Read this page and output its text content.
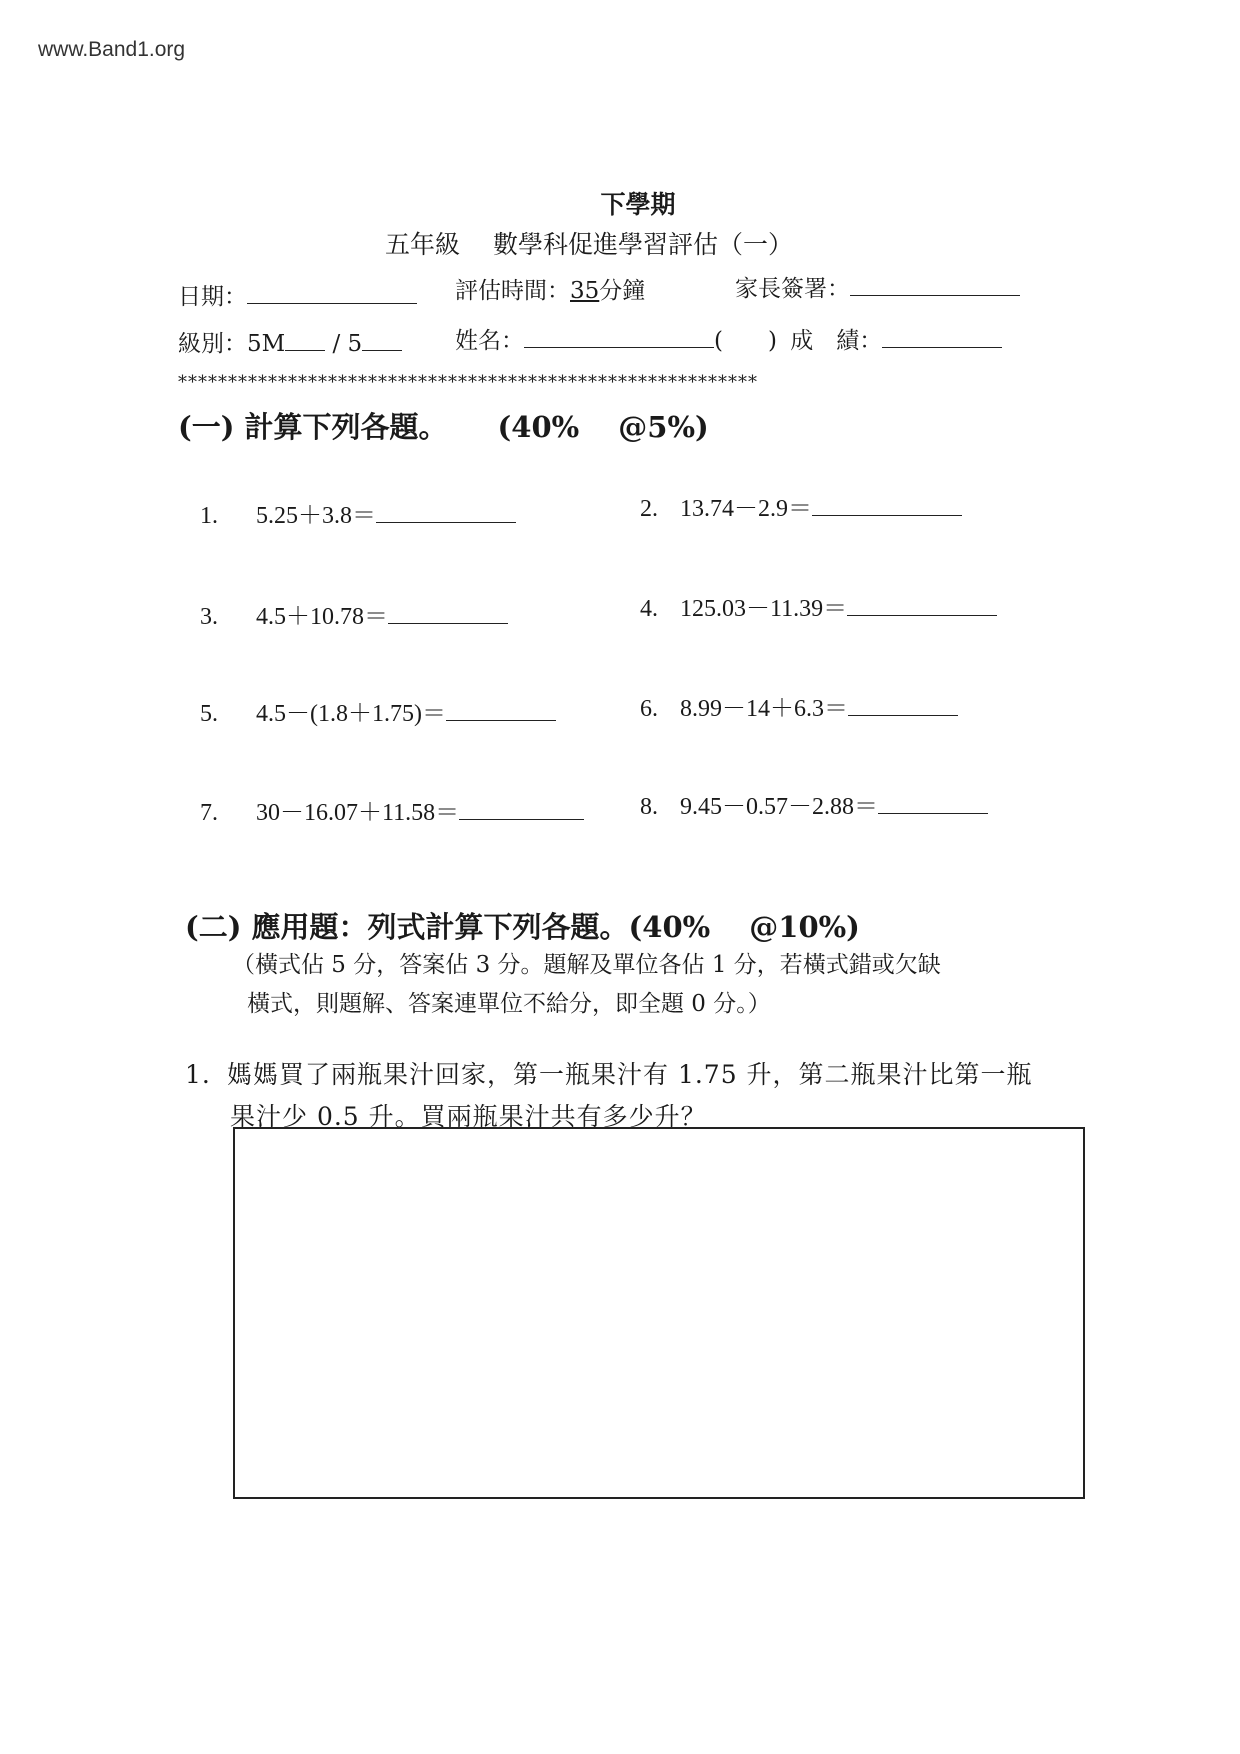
www.Band1.org
下學期
五年級　 數學科促進學習評估（一）
日期：	評估時間：35分鐘	家長簽署：
級別：5M / 5	姓名：	( ) 成　績：
**********************************************************
(一) 計算下列各題。 (40%　 @5%)
1. 5.25＋3.8＝	2. 13.74－2.9＝
3. 4.5＋10.78＝	4. 125.03－11.39＝
5. 4.5－(1.8＋1.75)＝	6. 8.99－14＋6.3＝
7. 30－16.07＋11.58＝	8. 9.45－0.57－2.88＝
(二) 應用題：列式計算下列各題。(40%　 @10%)
（橫式佔 5 分，答案佔 3 分。題解及單位各佔 1 分，若橫式錯或欠缺
橫式，則題解、答案連單位不給分，即全題 0 分。）
1. 媽媽買了兩瓶果汁回家，第一瓶果汁有 1.75 升，第二瓶果汁比第一瓶
果汁少 0.5 升。買兩瓶果汁共有多少升？
